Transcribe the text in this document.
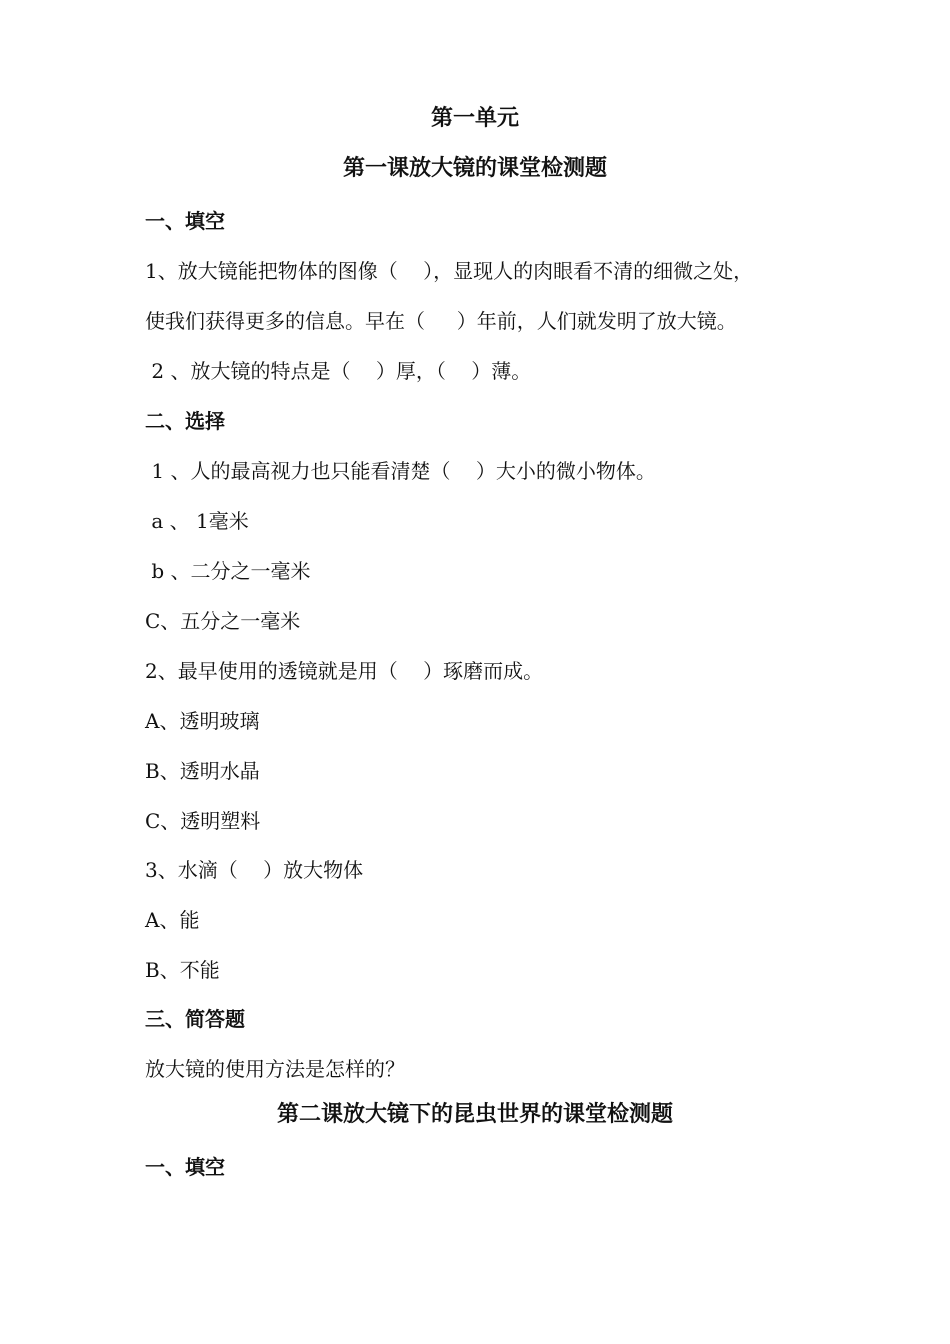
第一单元
第一课放大镜的课堂检测题
一、填空
1、放大镜能把物体的图像（    ），显现人的肉眼看不清的细微之处，
使我们获得更多的信息。早在（     ）年前，人们就发明了放大镜。
2 、放大镜的特点是（    ）厚，（    ）薄。
二、选择
1 、人的最高视力也只能看清楚（    ）大小的微小物体。
a 、 1毫米
b 、二分之一毫米
C、五分之一毫米
2、最早使用的透镜就是用（    ）琢磨而成。
A、透明玻璃
B、透明水晶
C、透明塑料
3、水滴（    ）放大物体
A、能
B、不能
三、简答题
放大镜的使用方法是怎样的？
第二课放大镜下的昆虫世界的课堂检测题
一、填空
